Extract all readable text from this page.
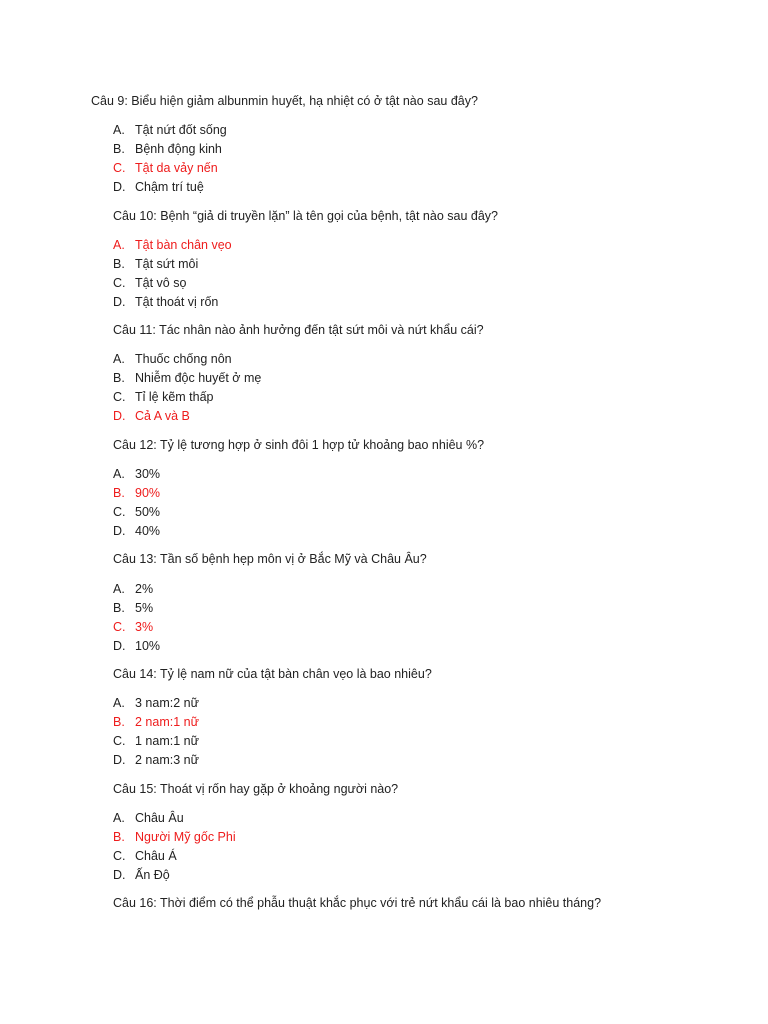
Câu 9: Biểu hiện giảm albunmin huyết, hạ nhiệt có ở tật nào sau đây?
A. Tật nứt đốt sống
B. Bệnh động kinh
C. Tật da vảy nến
D. Chậm trí tuệ
Câu 10: Bệnh “giả di truyền lặn” là tên gọi của bệnh, tật nào sau đây?
A. Tật bàn chân vẹo
B. Tật sứt môi
C. Tật vô sọ
D. Tật thoát vị rốn
Câu 11: Tác nhân nào ảnh hưởng đến tật sứt môi và nứt khẩu cái?
A. Thuốc chống nôn
B. Nhiễm độc huyết ở mẹ
C. Tỉ lệ kẽm thấp
D. Cả A và B
Câu 12: Tỷ lệ tương hợp ở sinh đôi 1 hợp tử khoảng bao nhiêu %?
A. 30%
B. 90%
C. 50%
D. 40%
Câu 13: Tần số bệnh hẹp môn vị ở Bắc Mỹ và Châu Âu?
A. 2%
B. 5%
C. 3%
D. 10%
Câu 14: Tỷ lệ nam nữ của tật bàn chân vẹo là bao nhiêu?
A. 3 nam:2 nữ
B. 2 nam:1 nữ
C. 1 nam:1 nữ
D. 2 nam:3 nữ
Câu 15: Thoát vị rốn hay gặp ở khoảng người nào?
A. Châu Âu
B. Người Mỹ gốc Phi
C. Châu Á
D. Ấn Độ
Câu 16: Thời điểm có thể phẫu thuật khắc phục với trẻ nứt khẩu cái là bao nhiêu tháng?
